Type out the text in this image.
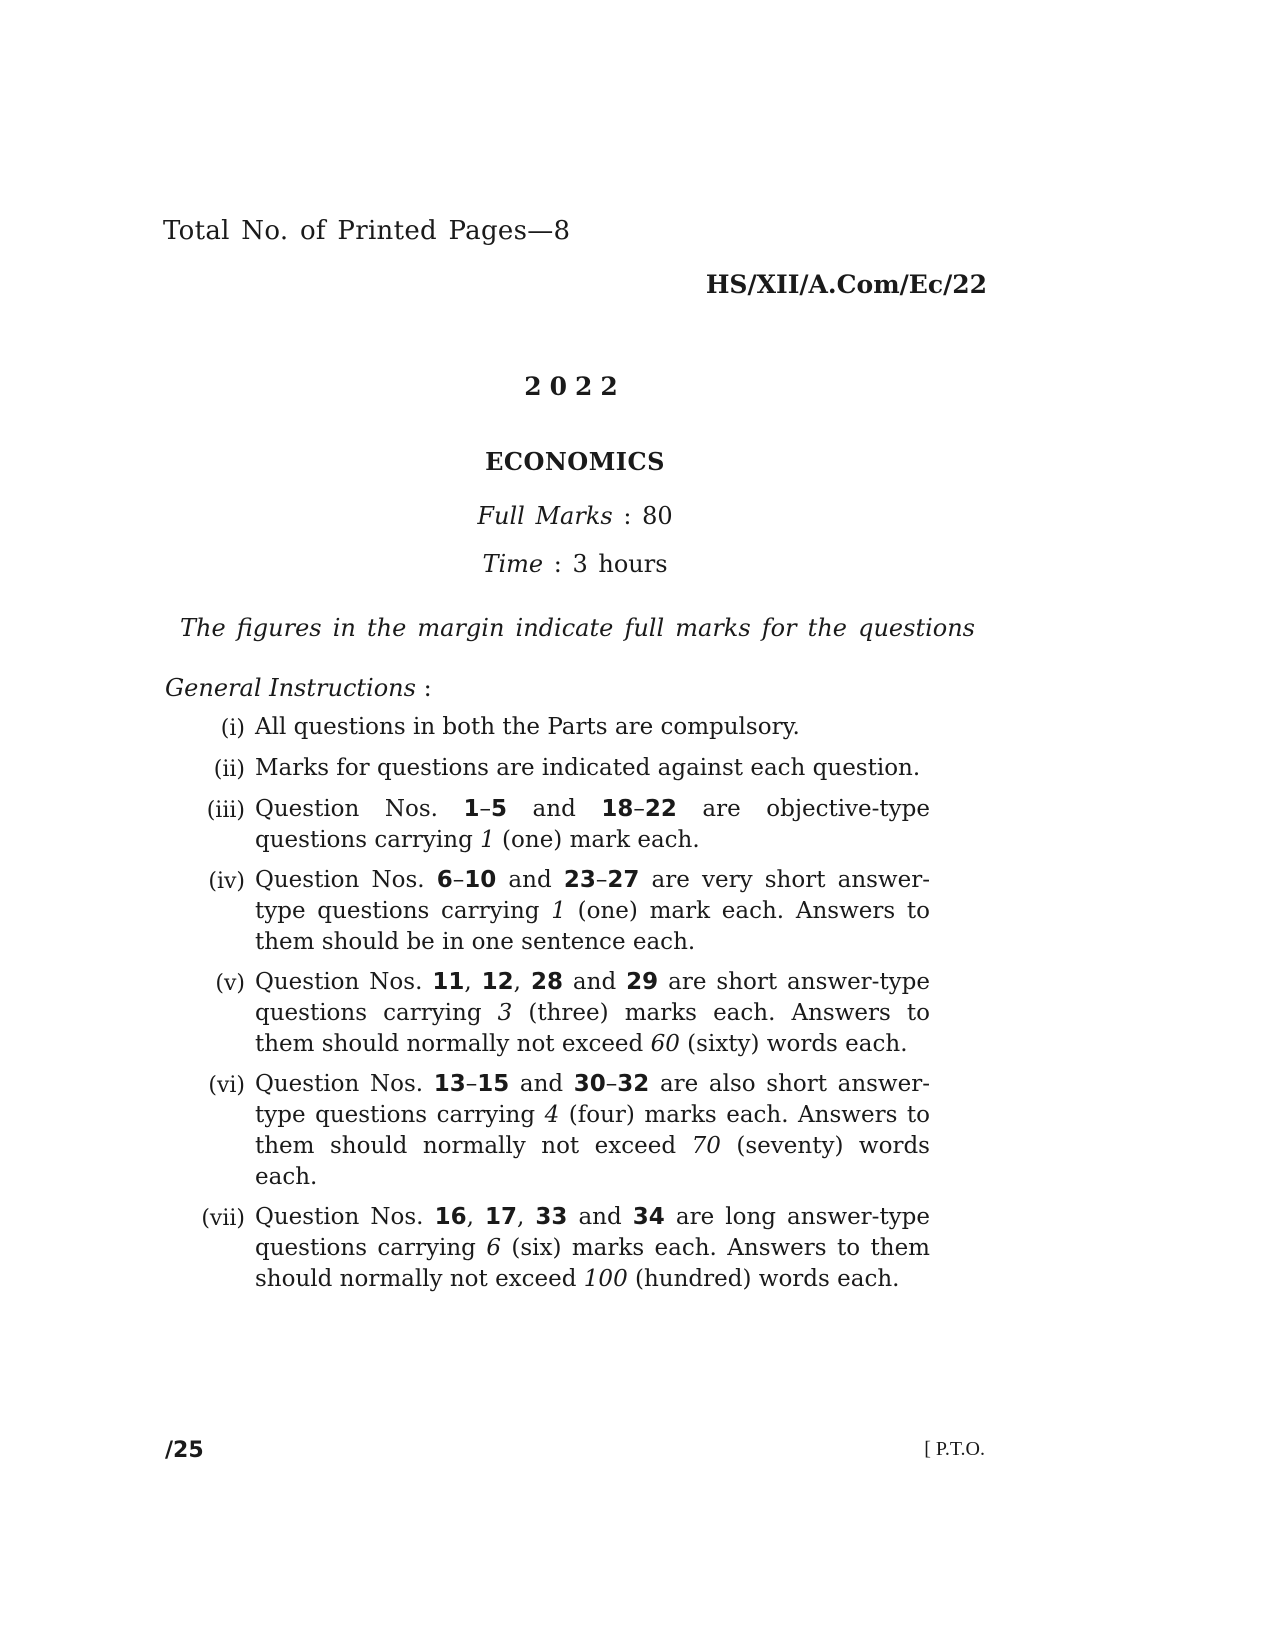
Total No. of Printed Pages—8
HS/XII/A.Com/Ec/22
2022
ECONOMICS
Full Marks : 80
Time : 3 hours
The figures in the margin indicate full marks for the questions
General Instructions :
(i) All questions in both the Parts are compulsory.
(ii) Marks for questions are indicated against each question.
(iii) Question Nos. 1–5 and 18–22 are objective-type questions carrying 1 (one) mark each.
(iv) Question Nos. 6–10 and 23–27 are very short answer-type questions carrying 1 (one) mark each. Answers to them should be in one sentence each.
(v) Question Nos. 11, 12, 28 and 29 are short answer-type questions carrying 3 (three) marks each. Answers to them should normally not exceed 60 (sixty) words each.
(vi) Question Nos. 13–15 and 30–32 are also short answer-type questions carrying 4 (four) marks each. Answers to them should normally not exceed 70 (seventy) words each.
(vii) Question Nos. 16, 17, 33 and 34 are long answer-type questions carrying 6 (six) marks each. Answers to them should normally not exceed 100 (hundred) words each.
/25	[ P.T.O.
